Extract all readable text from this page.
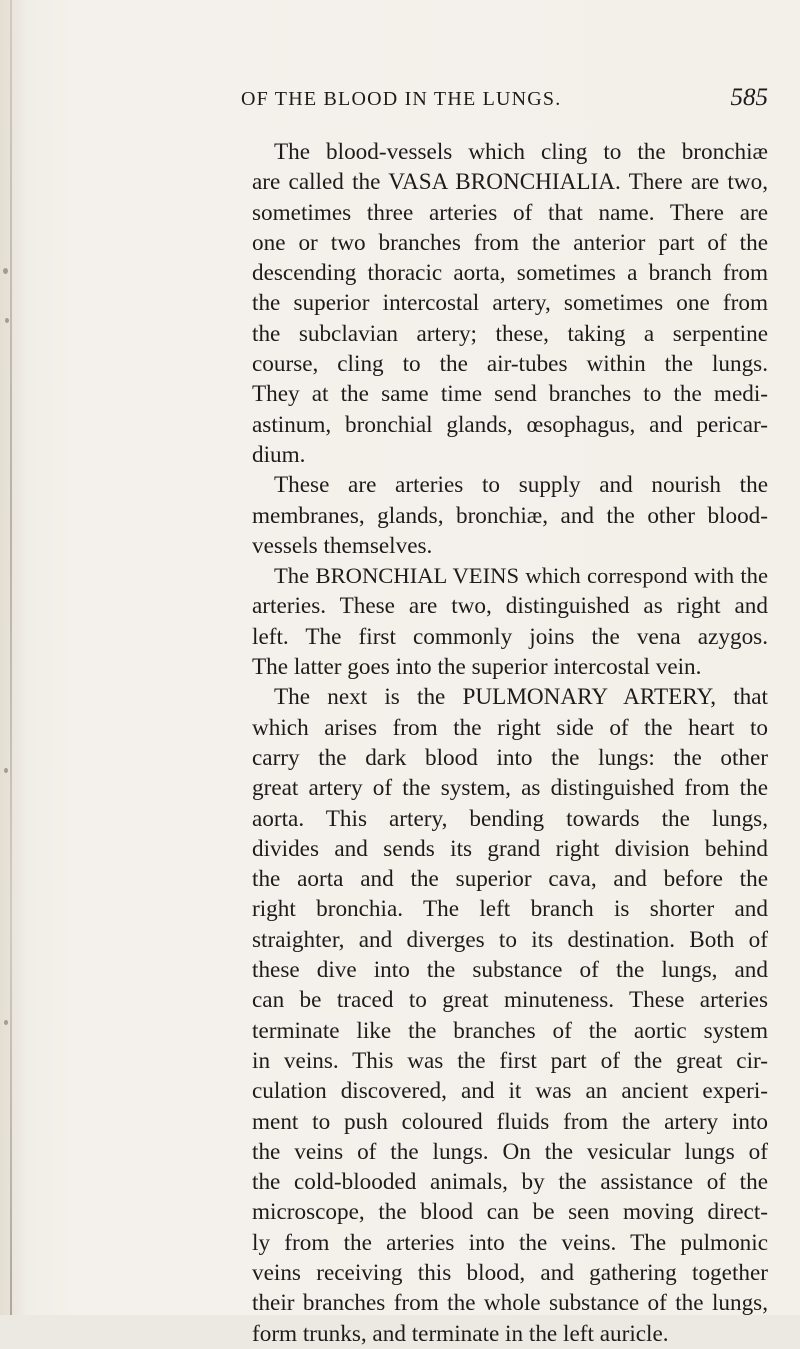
OF THE BLOOD IN THE LUNGS.	585
The blood-vessels which cling to the bronchiæ
are called the VASA BRONCHIALIA. There are two,
sometimes three arteries of that name. There are
one or two branches from the anterior part of the
descending thoracic aorta, sometimes a branch from
the superior intercostal artery, sometimes one from
the subclavian artery; these, taking a serpentine
course, cling to the air-tubes within the lungs.
They at the same time send branches to the medi-
astinum, bronchial glands, œsophagus, and pericar-
dium.
These are arteries to supply and nourish the
membranes, glands, bronchiæ, and the other blood-
vessels themselves.
The BRONCHIAL VEINS which correspond with the
arteries. These are two, distinguished as right and
left. The first commonly joins the vena azygos.
The latter goes into the superior intercostal vein.
The next is the PULMONARY ARTERY, that
which arises from the right side of the heart to
carry the dark blood into the lungs: the other
great artery of the system, as distinguished from the
aorta. This artery, bending towards the lungs,
divides and sends its grand right division behind
the aorta and the superior cava, and before the
right bronchia. The left branch is shorter and
straighter, and diverges to its destination. Both of
these dive into the substance of the lungs, and
can be traced to great minuteness. These arteries
terminate like the branches of the aortic system
in veins. This was the first part of the great cir-
culation discovered, and it was an ancient experi-
ment to push coloured fluids from the artery into
the veins of the lungs. On the vesicular lungs of
the cold-blooded animals, by the assistance of the
microscope, the blood can be seen moving direct-
ly from the arteries into the veins. The pulmonic
veins receiving this blood, and gathering together
their branches from the whole substance of the lungs,
form trunks, and terminate in the left auricle.
